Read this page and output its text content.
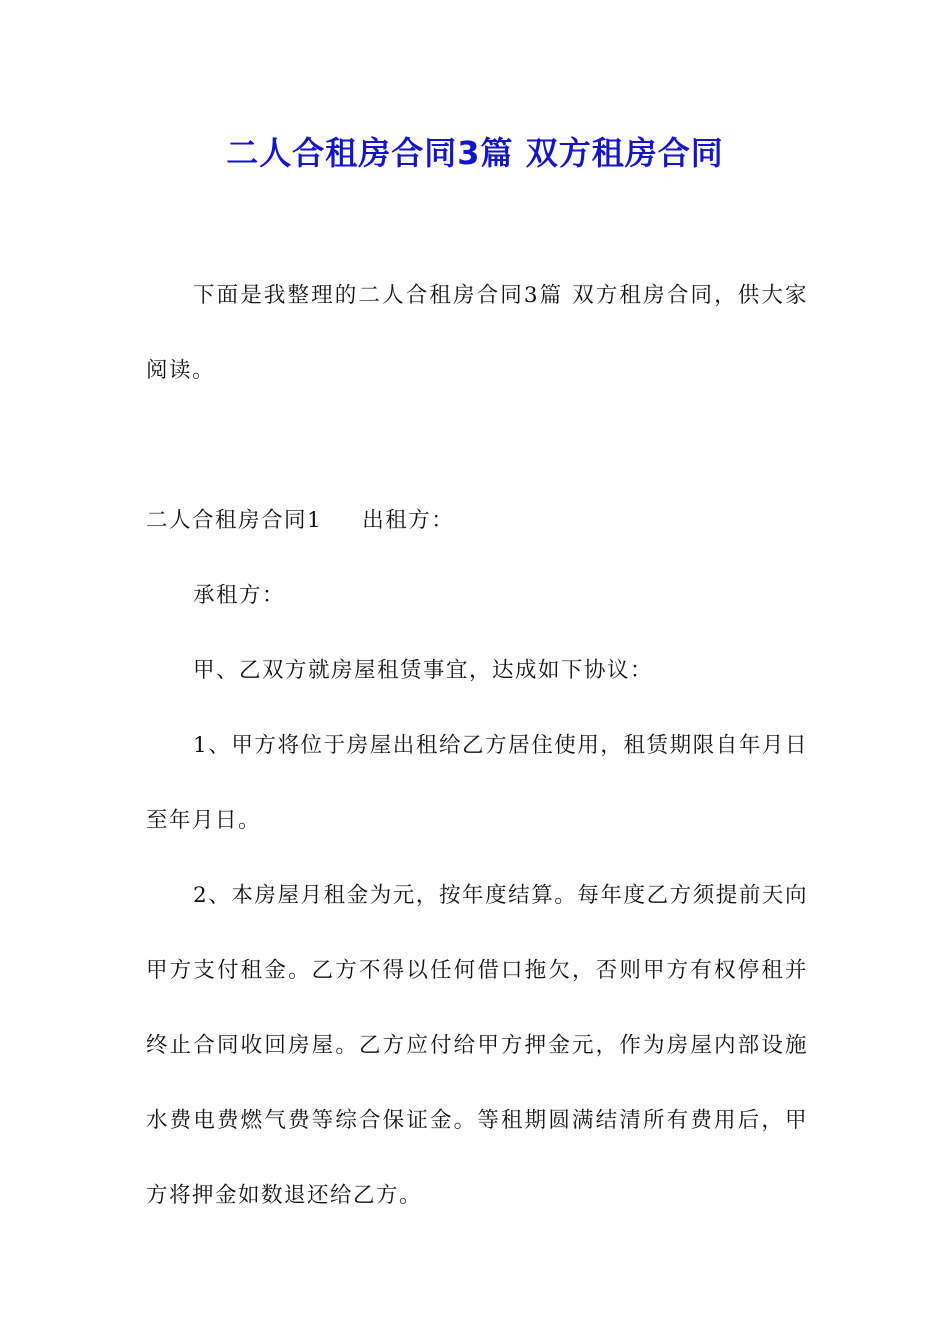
二人合租房合同3篇 双方租房合同

下面是我整理的二人合租房合同3篇 双方租房合同，供大家阅读。

二人合租房合同1 出租方：

承租方：

甲、乙双方就房屋租赁事宜，达成如下协议：

1、甲方将位于房屋出租给乙方居住使用，租赁期限自年月日至年月日。

2、本房屋月租金为元，按年度结算。每年度乙方须提前天向甲方支付租金。乙方不得以任何借口拖欠，否则甲方有权停租并终止合同收回房屋。乙方应付给甲方押金元，作为房屋内部设施水费电费燃气费等综合保证金。等租期圆满结清所有费用后，甲方将押金如数退还给乙方。
